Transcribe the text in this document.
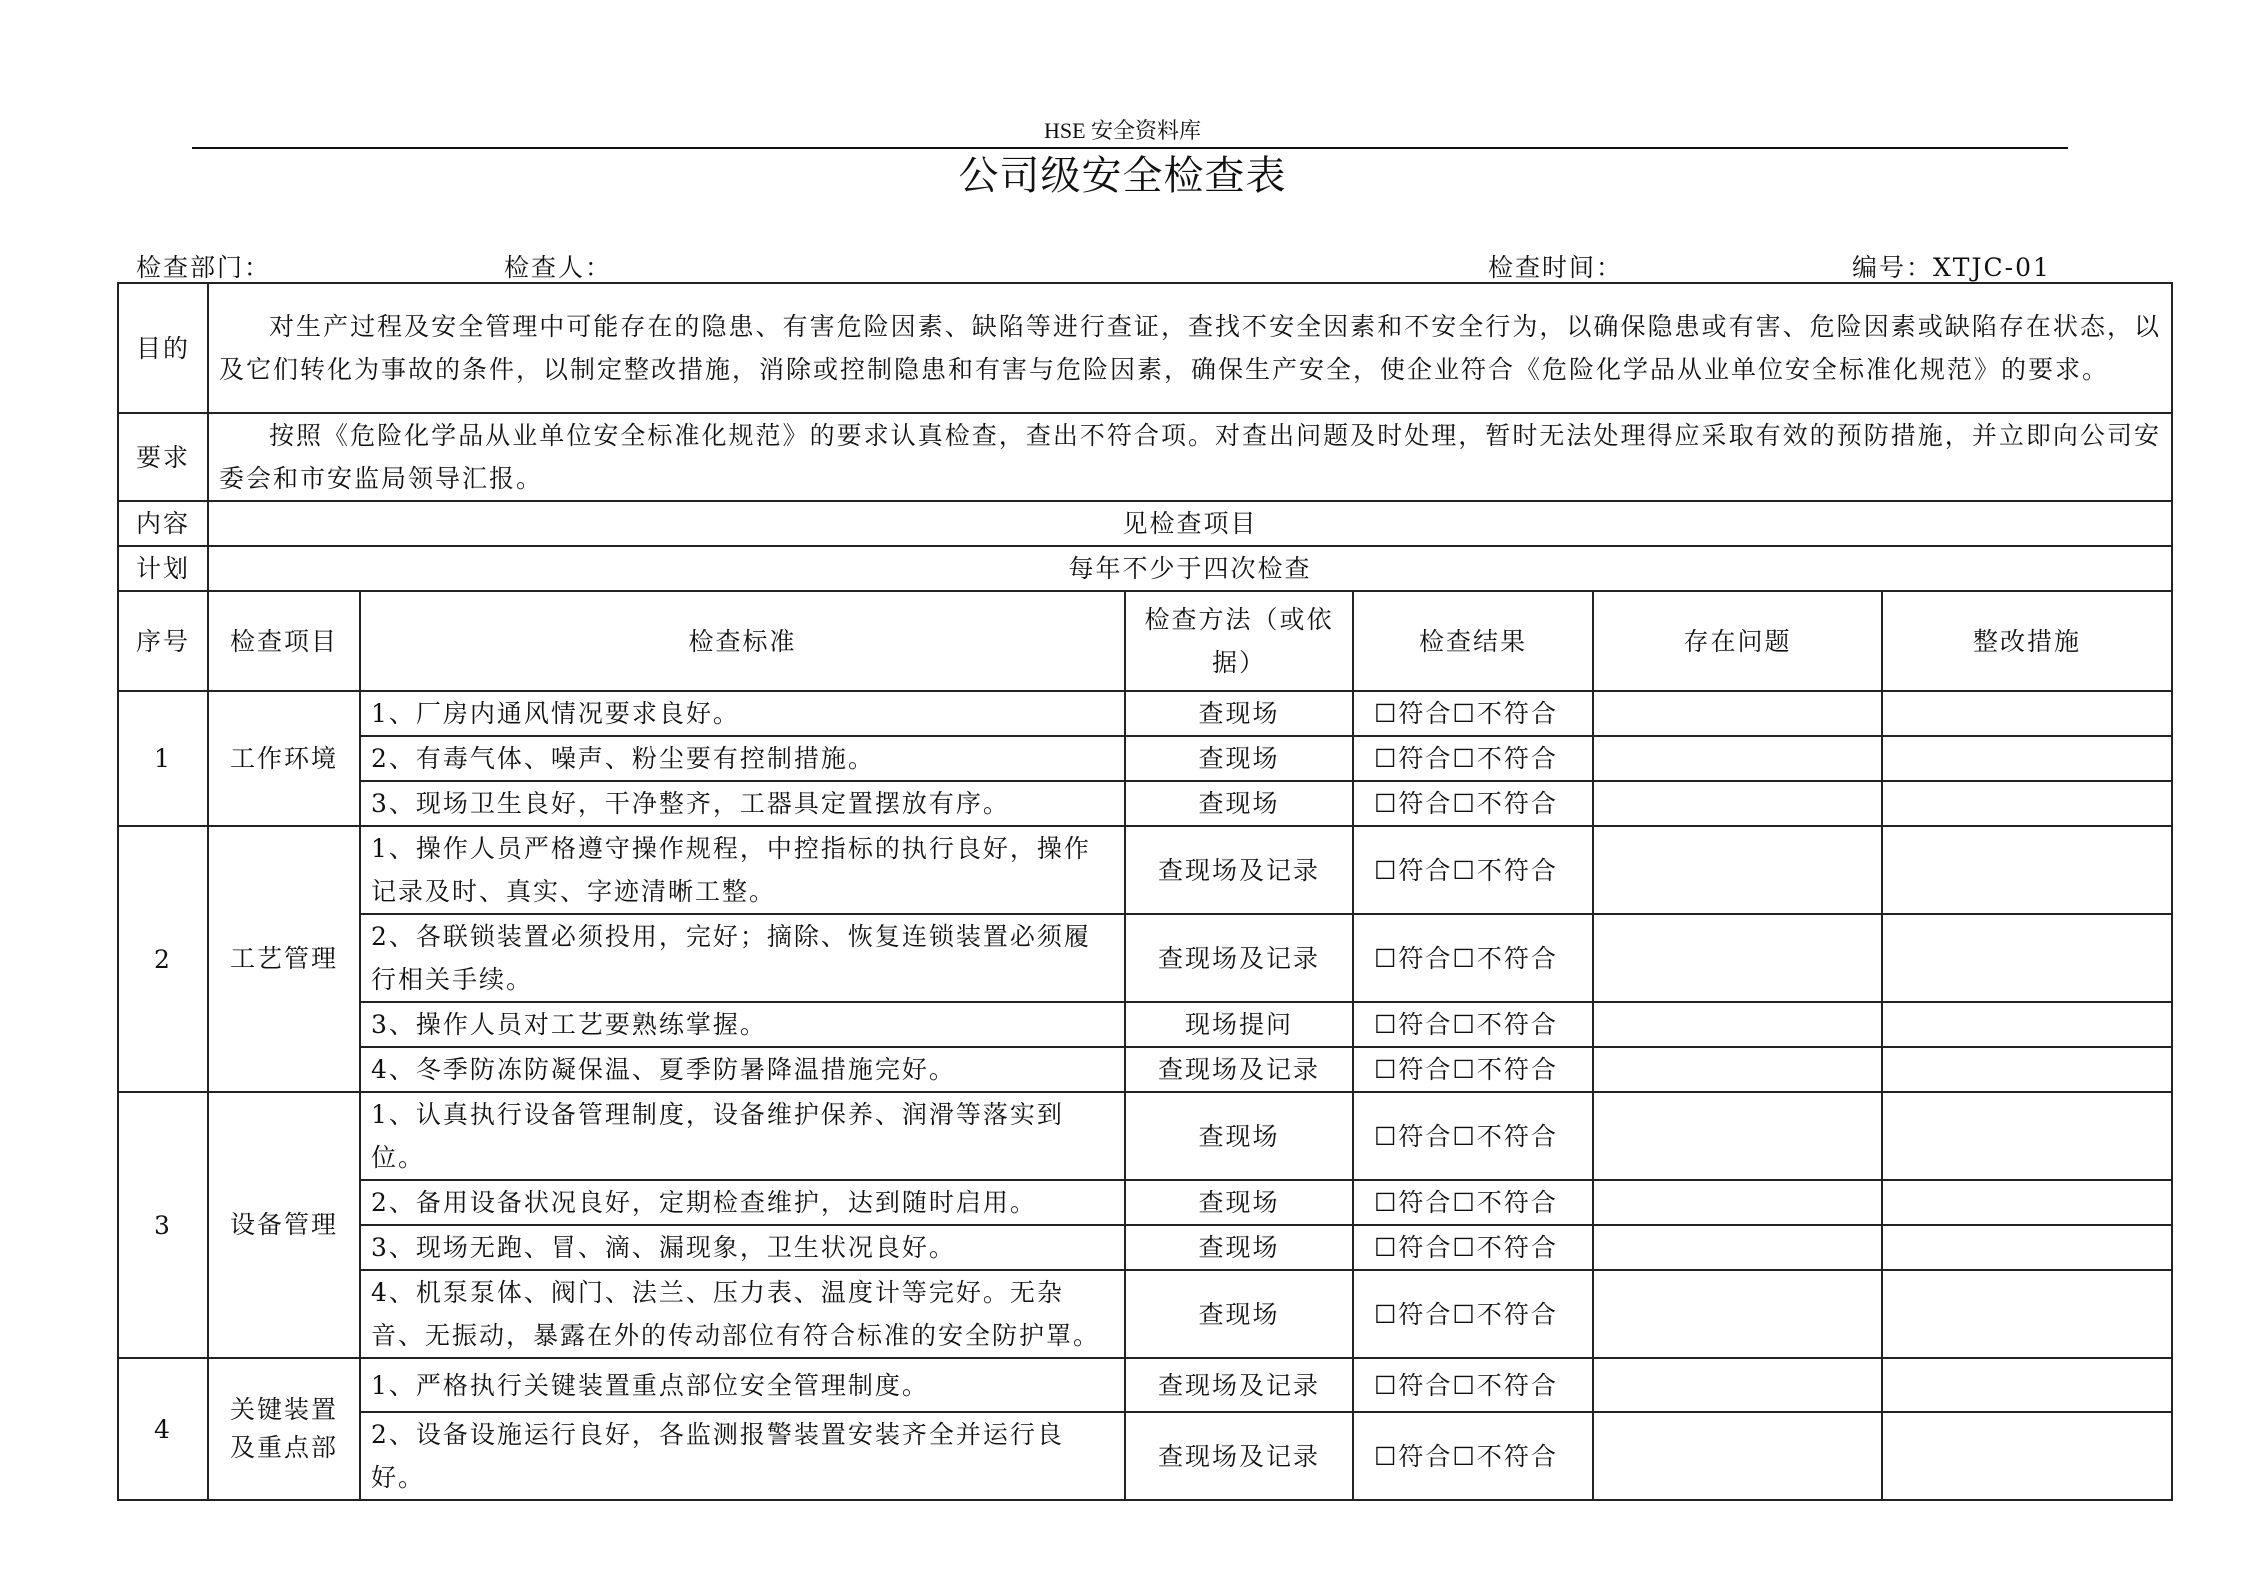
HSE 安全资料库
公司级安全检查表
检查部门：	检查人：	检查时间：	编号：XTJC-01
目的	对生产过程及安全管理中可能存在的隐患、有害危险因素、缺陷等进行查证，查找不安全因素和不安全行为，以确保隐患或有害、危险因素或缺陷存在状态，以及它们转化为事故的条件，以制定整改措施，消除或控制隐患和有害与危险因素，确保生产安全，使企业符合《危险化学品从业单位安全标准化规范》的要求。					
要求	按照《危险化学品从业单位安全标准化规范》的要求认真检查，查出不符合项。对查出问题及时处理，暂时无法处理得应采取有效的预防措施，并立即向公司安委会和市安监局领导汇报。					
内容	见检查项目					
计划	每年不少于四次检查					
序号	检查项目	检查标准	检查方法（或依据）	检查结果	存在问题	整改措施
1	工作环境	1、厂房内通风情况要求良好。	查现场	☐符合☐不符合		
		2、有毒气体、噪声、粉尘要有控制措施。	查现场	☐符合☐不符合		
		3、现场卫生良好，干净整齐，工器具定置摆放有序。	查现场	☐符合☐不符合		
2	工艺管理	1、操作人员严格遵守操作规程，中控指标的执行良好，操作记录及时、真实、字迹清晰工整。	查现场及记录	☐符合☐不符合		
		2、各联锁装置必须投用，完好；摘除、恢复连锁装置必须履行相关手续。	查现场及记录	☐符合☐不符合		
		3、操作人员对工艺要熟练掌握。	现场提问	☐符合☐不符合		
		4、冬季防冻防凝保温、夏季防暑降温措施完好。	查现场及记录	☐符合☐不符合		
3	设备管理	1、认真执行设备管理制度，设备维护保养、润滑等落实到位。	查现场	☐符合☐不符合		
		2、备用设备状况良好，定期检查维护，达到随时启用。	查现场	☐符合☐不符合		
		3、现场无跑、冒、滴、漏现象，卫生状况良好。	查现场	☐符合☐不符合		
		4、机泵泵体、阀门、法兰、压力表、温度计等完好。无杂音、无振动，暴露在外的传动部位有符合标准的安全防护罩。	查现场	☐符合☐不符合		
4	关键装置及重点部	1、严格执行关键装置重点部位安全管理制度。	查现场及记录	☐符合☐不符合		
		2、设备设施运行良好，各监测报警装置安装齐全并运行良好。	查现场及记录	☐符合☐不符合		
